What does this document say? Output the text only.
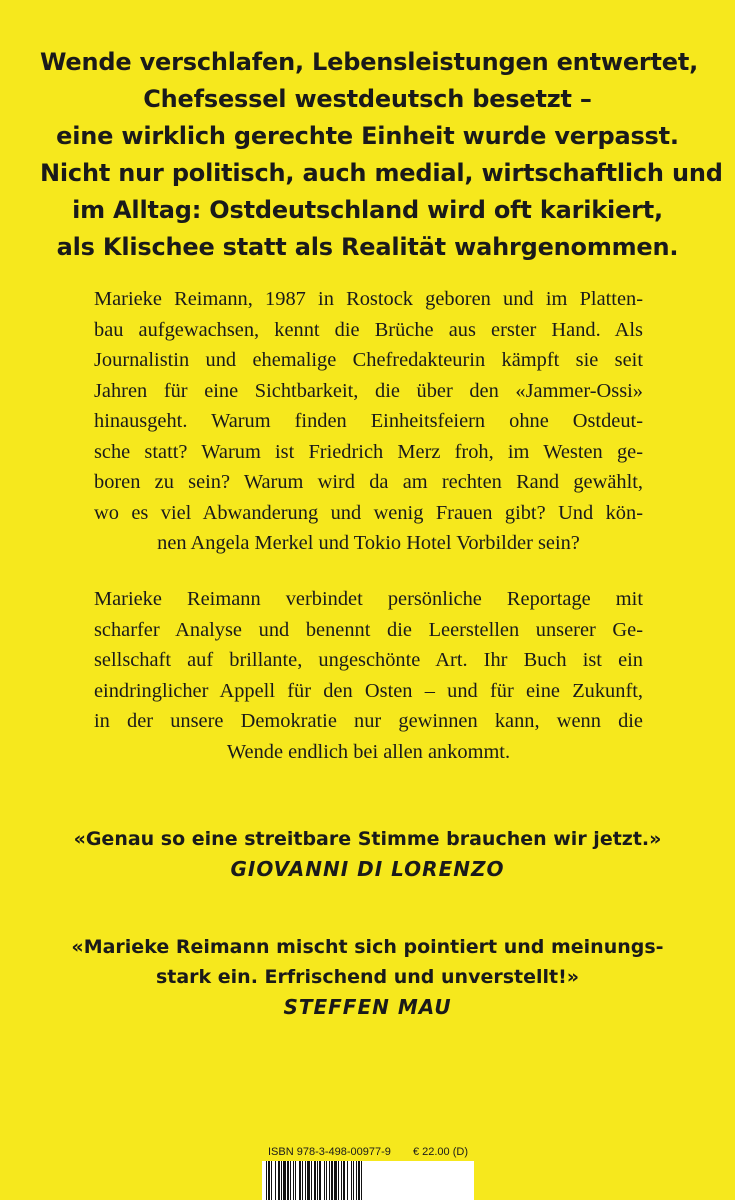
Wende verschlafen, Lebensleistungen entwertet,
Chefsessel westdeutsch besetzt –
eine wirklich gerechte Einheit wurde verpasst.
Nicht nur politisch, auch medial, wirtschaftlich und
im Alltag: Ostdeutschland wird oft karikiert,
als Klischee statt als Realität wahrgenommen.
Marieke Reimann, 1987 in Rostock geboren und im Platten-
bau aufgewachsen, kennt die Brüche aus erster Hand. Als
Journalistin und ehemalige Chefredakteurin kämpft sie seit
Jahren für eine Sichtbarkeit, die über den «Jammer-Ossi»
hinausgeht. Warum finden Einheitsfeiern ohne Ostdeut-
sche statt? Warum ist Friedrich Merz froh, im Westen ge-
boren zu sein? Warum wird da am rechten Rand gewählt,
wo es viel Abwanderung und wenig Frauen gibt? Und kön-
nen Angela Merkel und Tokio Hotel Vorbilder sein?
Marieke Reimann verbindet persönliche Reportage mit
scharfer Analyse und benennt die Leerstellen unserer Ge-
sellschaft auf brillante, ungeschönte Art. Ihr Buch ist ein
eindringlicher Appell für den Osten – und für eine Zukunft,
in der unsere Demokratie nur gewinnen kann, wenn die
Wende endlich bei allen ankommt.
«Genau so eine streitbare Stimme brauchen wir jetzt.»
GIOVANNI DI LORENZO
«Marieke Reimann mischt sich pointiert und meinungs-
stark ein. Erfrischend und unverstellt!»
STEFFEN MAU
ISBN 978-3-498-00977-9 € 22.00 (D)
